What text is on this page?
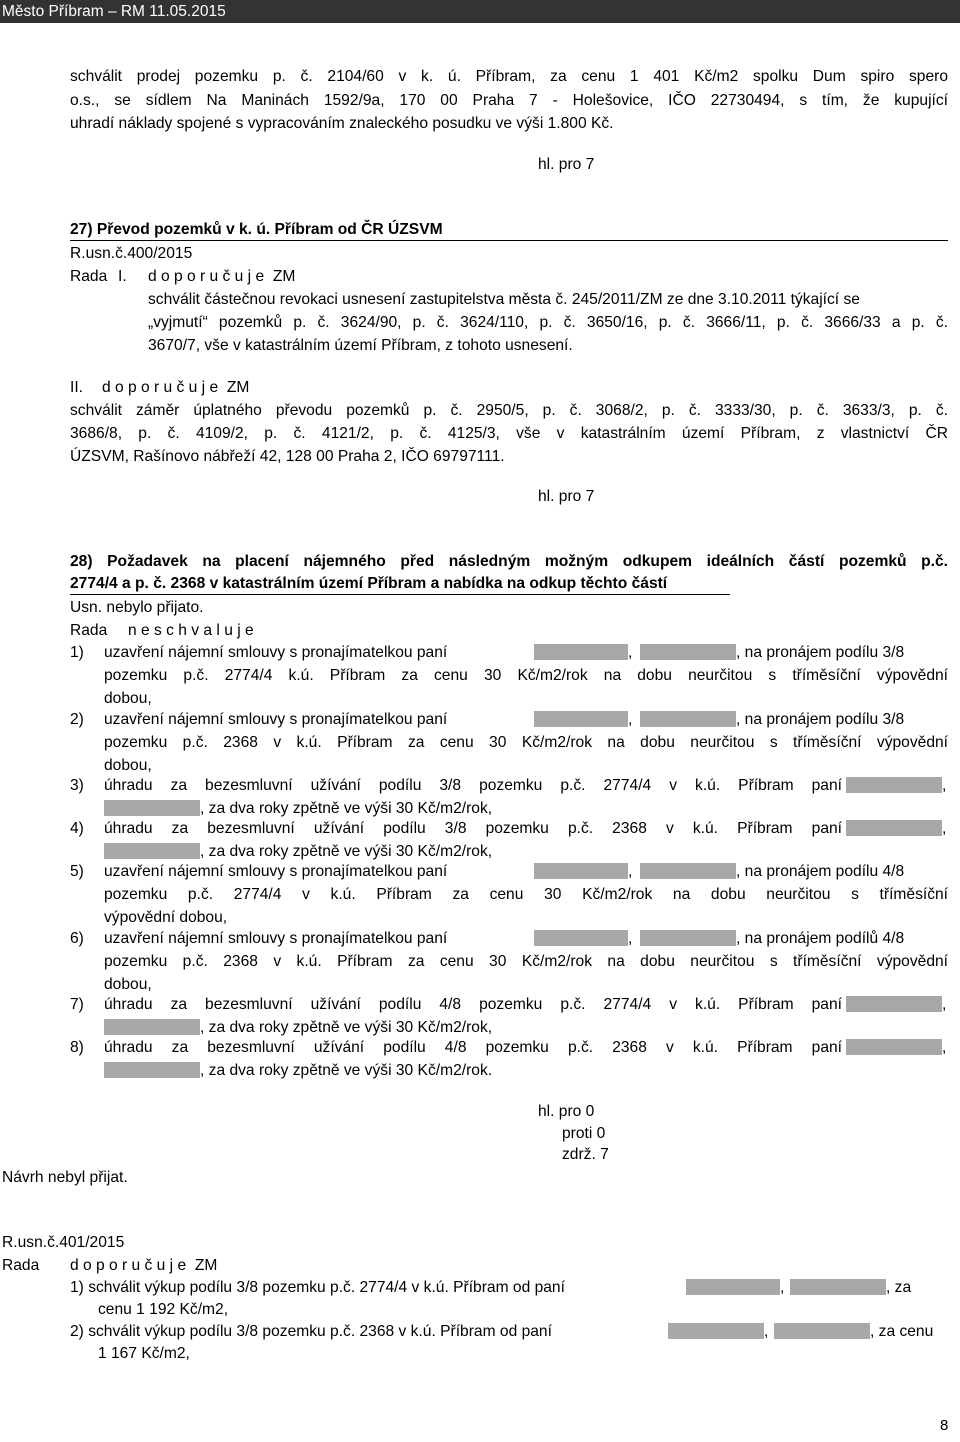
Město Příbram – RM 11.05.2015
schválit prodej pozemku p. č. 2104/60 v k. ú. Příbram, za cenu 1 401 Kč/m2 spolku Dum spiro spero
o.s., se sídlem Na Maninách 1592/9a, 170 00 Praha 7 - Holešovice, IČO 22730494, s tím, že kupující
uhradí náklady spojené s vypracováním znaleckého posudku ve výši 1.800 Kč.
hl. pro 7
27) Převod pozemků v k. ú. Příbram od ČR ÚZSVM
R.usn.č.400/2015
Rada I. d o p o r u č u j e  ZM
schválit částečnou revokaci usnesení zastupitelstva města č. 245/2011/ZM ze dne 3.10.2011 týkající se
„vyjmutí“ pozemků p. č. 3624/90, p. č. 3624/110, p. č. 3650/16, p. č. 3666/11, p. č. 3666/33 a p. č.
3670/7, vše v katastrálním území Příbram, z tohoto usnesení.
II. d o p o r u č u j e  ZM
schválit záměr úplatného převodu pozemků p. č. 2950/5, p. č. 3068/2, p. č. 3333/30, p. č. 3633/3, p. č.
3686/8, p. č. 4109/2, p. č. 4121/2, p. č. 4125/3, vše v katastrálním území Příbram, z vlastnictví ČR
ÚZSVM, Rašínovo nábřeží 42, 128 00 Praha 2, IČO 69797111.
hl. pro 7
28) Požadavek na placení nájemného před následným možným odkupem ideálních částí pozemků p.č.
2774/4 a p. č. 2368 v katastrálním území Příbram a nabídka na odkup těchto částí
Usn. nebylo přijato.
Rada n e s c h v a l u j e
1) uzavření nájemní smlouvy s pronajímatelkou paní	,	, na pronájem podílu 3/8
pozemku p.č. 2774/4 k.ú. Příbram za cenu 30 Kč/m2/rok na dobu neurčitou s tříměsíční výpovědní
dobou,
2) uzavření nájemní smlouvy s pronajímatelkou paní	,	, na pronájem podílu 3/8
pozemku p.č. 2368 v k.ú. Příbram za cenu 30 Kč/m2/rok na dobu neurčitou s tříměsíční výpovědní
dobou,
3) úhradu za bezesmluvní užívání podílu 3/8 pozemku p.č. 2774/4 v k.ú. Příbram paní	,
, za dva roky zpětně ve výši 30 Kč/m2/rok,
4) úhradu za bezesmluvní užívání podílu 3/8 pozemku p.č. 2368 v k.ú. Příbram paní	,
, za dva roky zpětně ve výši 30 Kč/m2/rok,
5) uzavření nájemní smlouvy s pronajímatelkou paní	,	, na pronájem podílu 4/8
pozemku p.č. 2774/4 v k.ú. Příbram za cenu 30 Kč/m2/rok na dobu neurčitou s tříměsíční
výpovědní dobou,
6) uzavření nájemní smlouvy s pronajímatelkou paní	,	, na pronájem podílů 4/8
pozemku p.č. 2368 v k.ú. Příbram za cenu 30 Kč/m2/rok na dobu neurčitou s tříměsíční výpovědní
dobou,
7) úhradu za bezesmluvní užívání podílu 4/8 pozemku p.č. 2774/4 v k.ú. Příbram paní	,
, za dva roky zpětně ve výši 30 Kč/m2/rok,
8) úhradu za bezesmluvní užívání podílu 4/8 pozemku p.č. 2368 v k.ú. Příbram paní	,
, za dva roky zpětně ve výši 30 Kč/m2/rok.
hl. pro 0
proti 0
zdrž. 7
Návrh nebyl přijat.
R.usn.č.401/2015
Rada d o p o r u č u j e  ZM
1) schválit výkup podílu 3/8 pozemku p.č. 2774/4 v k.ú. Příbram od paní	,	, za
cenu 1 192 Kč/m2,
2) schválit výkup podílu 3/8 pozemku p.č. 2368 v k.ú. Příbram od paní	,	, za cenu
1 167 Kč/m2,
8
